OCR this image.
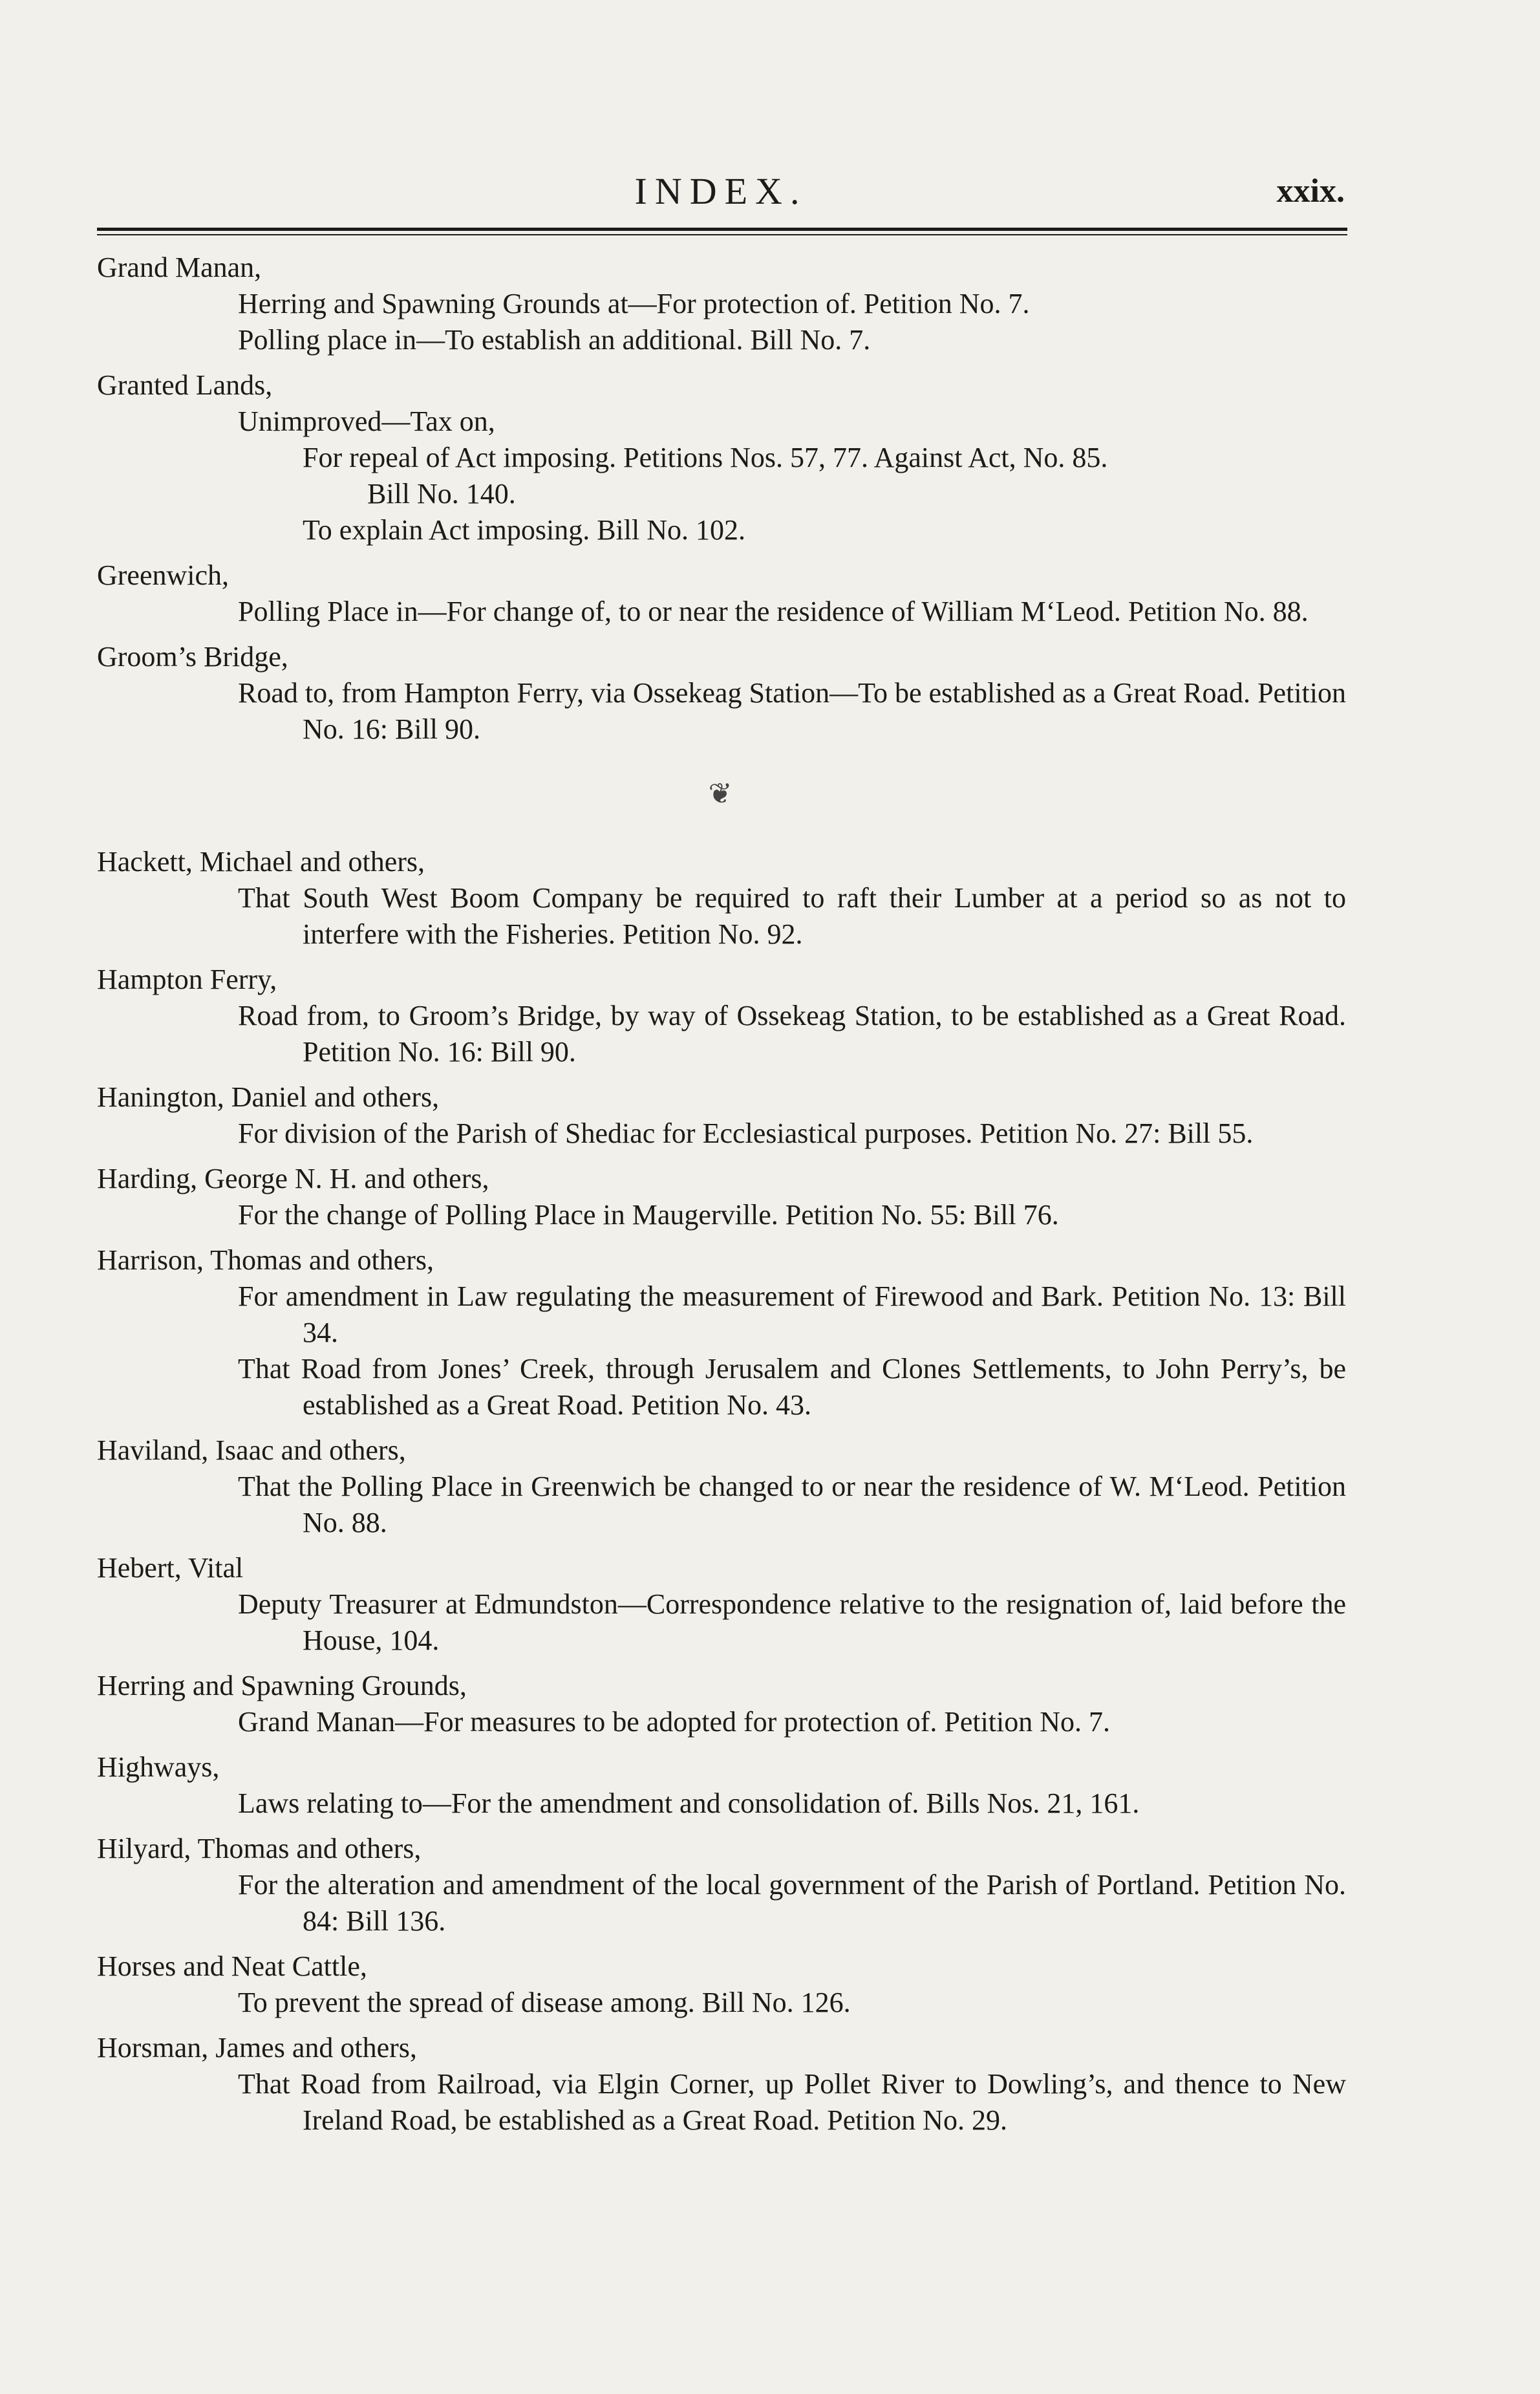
INDEX.	xxix.
Grand Manan,
Herring and Spawning Grounds at—For protection of. Petition No. 7.
Polling place in—To establish an additional. Bill No. 7.
Granted Lands,
Unimproved—Tax on,
For repeal of Act imposing. Petitions Nos. 57, 77. Against Act, No. 85.
Bill No. 140.
To explain Act imposing. Bill No. 102.
Greenwich,
Polling Place in—For change of, to or near the residence of William M‘Leod. Petition No. 88.
Groom’s Bridge,
Road to, from Hampton Ferry, via Ossekeag Station—To be established as a Great Road. Petition No. 16: Bill 90.
❦
Hackett, Michael and others,
That South West Boom Company be required to raft their Lumber at a period so as not to interfere with the Fisheries. Petition No. 92.
Hampton Ferry,
Road from, to Groom’s Bridge, by way of Ossekeag Station, to be established as a Great Road. Petition No. 16: Bill 90.
Hanington, Daniel and others,
For division of the Parish of Shediac for Ecclesiastical purposes. Petition No. 27: Bill 55.
Harding, George N. H. and others,
For the change of Polling Place in Maugerville. Petition No. 55: Bill 76.
Harrison, Thomas and others,
For amendment in Law regulating the measurement of Firewood and Bark. Petition No. 13: Bill 34.
That Road from Jones’ Creek, through Jerusalem and Clones Settlements, to John Perry’s, be established as a Great Road. Petition No. 43.
Haviland, Isaac and others,
That the Polling Place in Greenwich be changed to or near the residence of W. M‘Leod. Petition No. 88.
Hebert, Vital
Deputy Treasurer at Edmundston—Correspondence relative to the resignation of, laid before the House, 104.
Herring and Spawning Grounds,
Grand Manan—For measures to be adopted for protection of. Petition No. 7.
Highways,
Laws relating to—For the amendment and consolidation of. Bills Nos. 21, 161.
Hilyard, Thomas and others,
For the alteration and amendment of the local government of the Parish of Portland. Petition No. 84: Bill 136.
Horses and Neat Cattle,
To prevent the spread of disease among. Bill No. 126.
Horsman, James and others,
That Road from Railroad, via Elgin Corner, up Pollet River to Dowling’s, and thence to New Ireland Road, be established as a Great Road. Petition No. 29.
